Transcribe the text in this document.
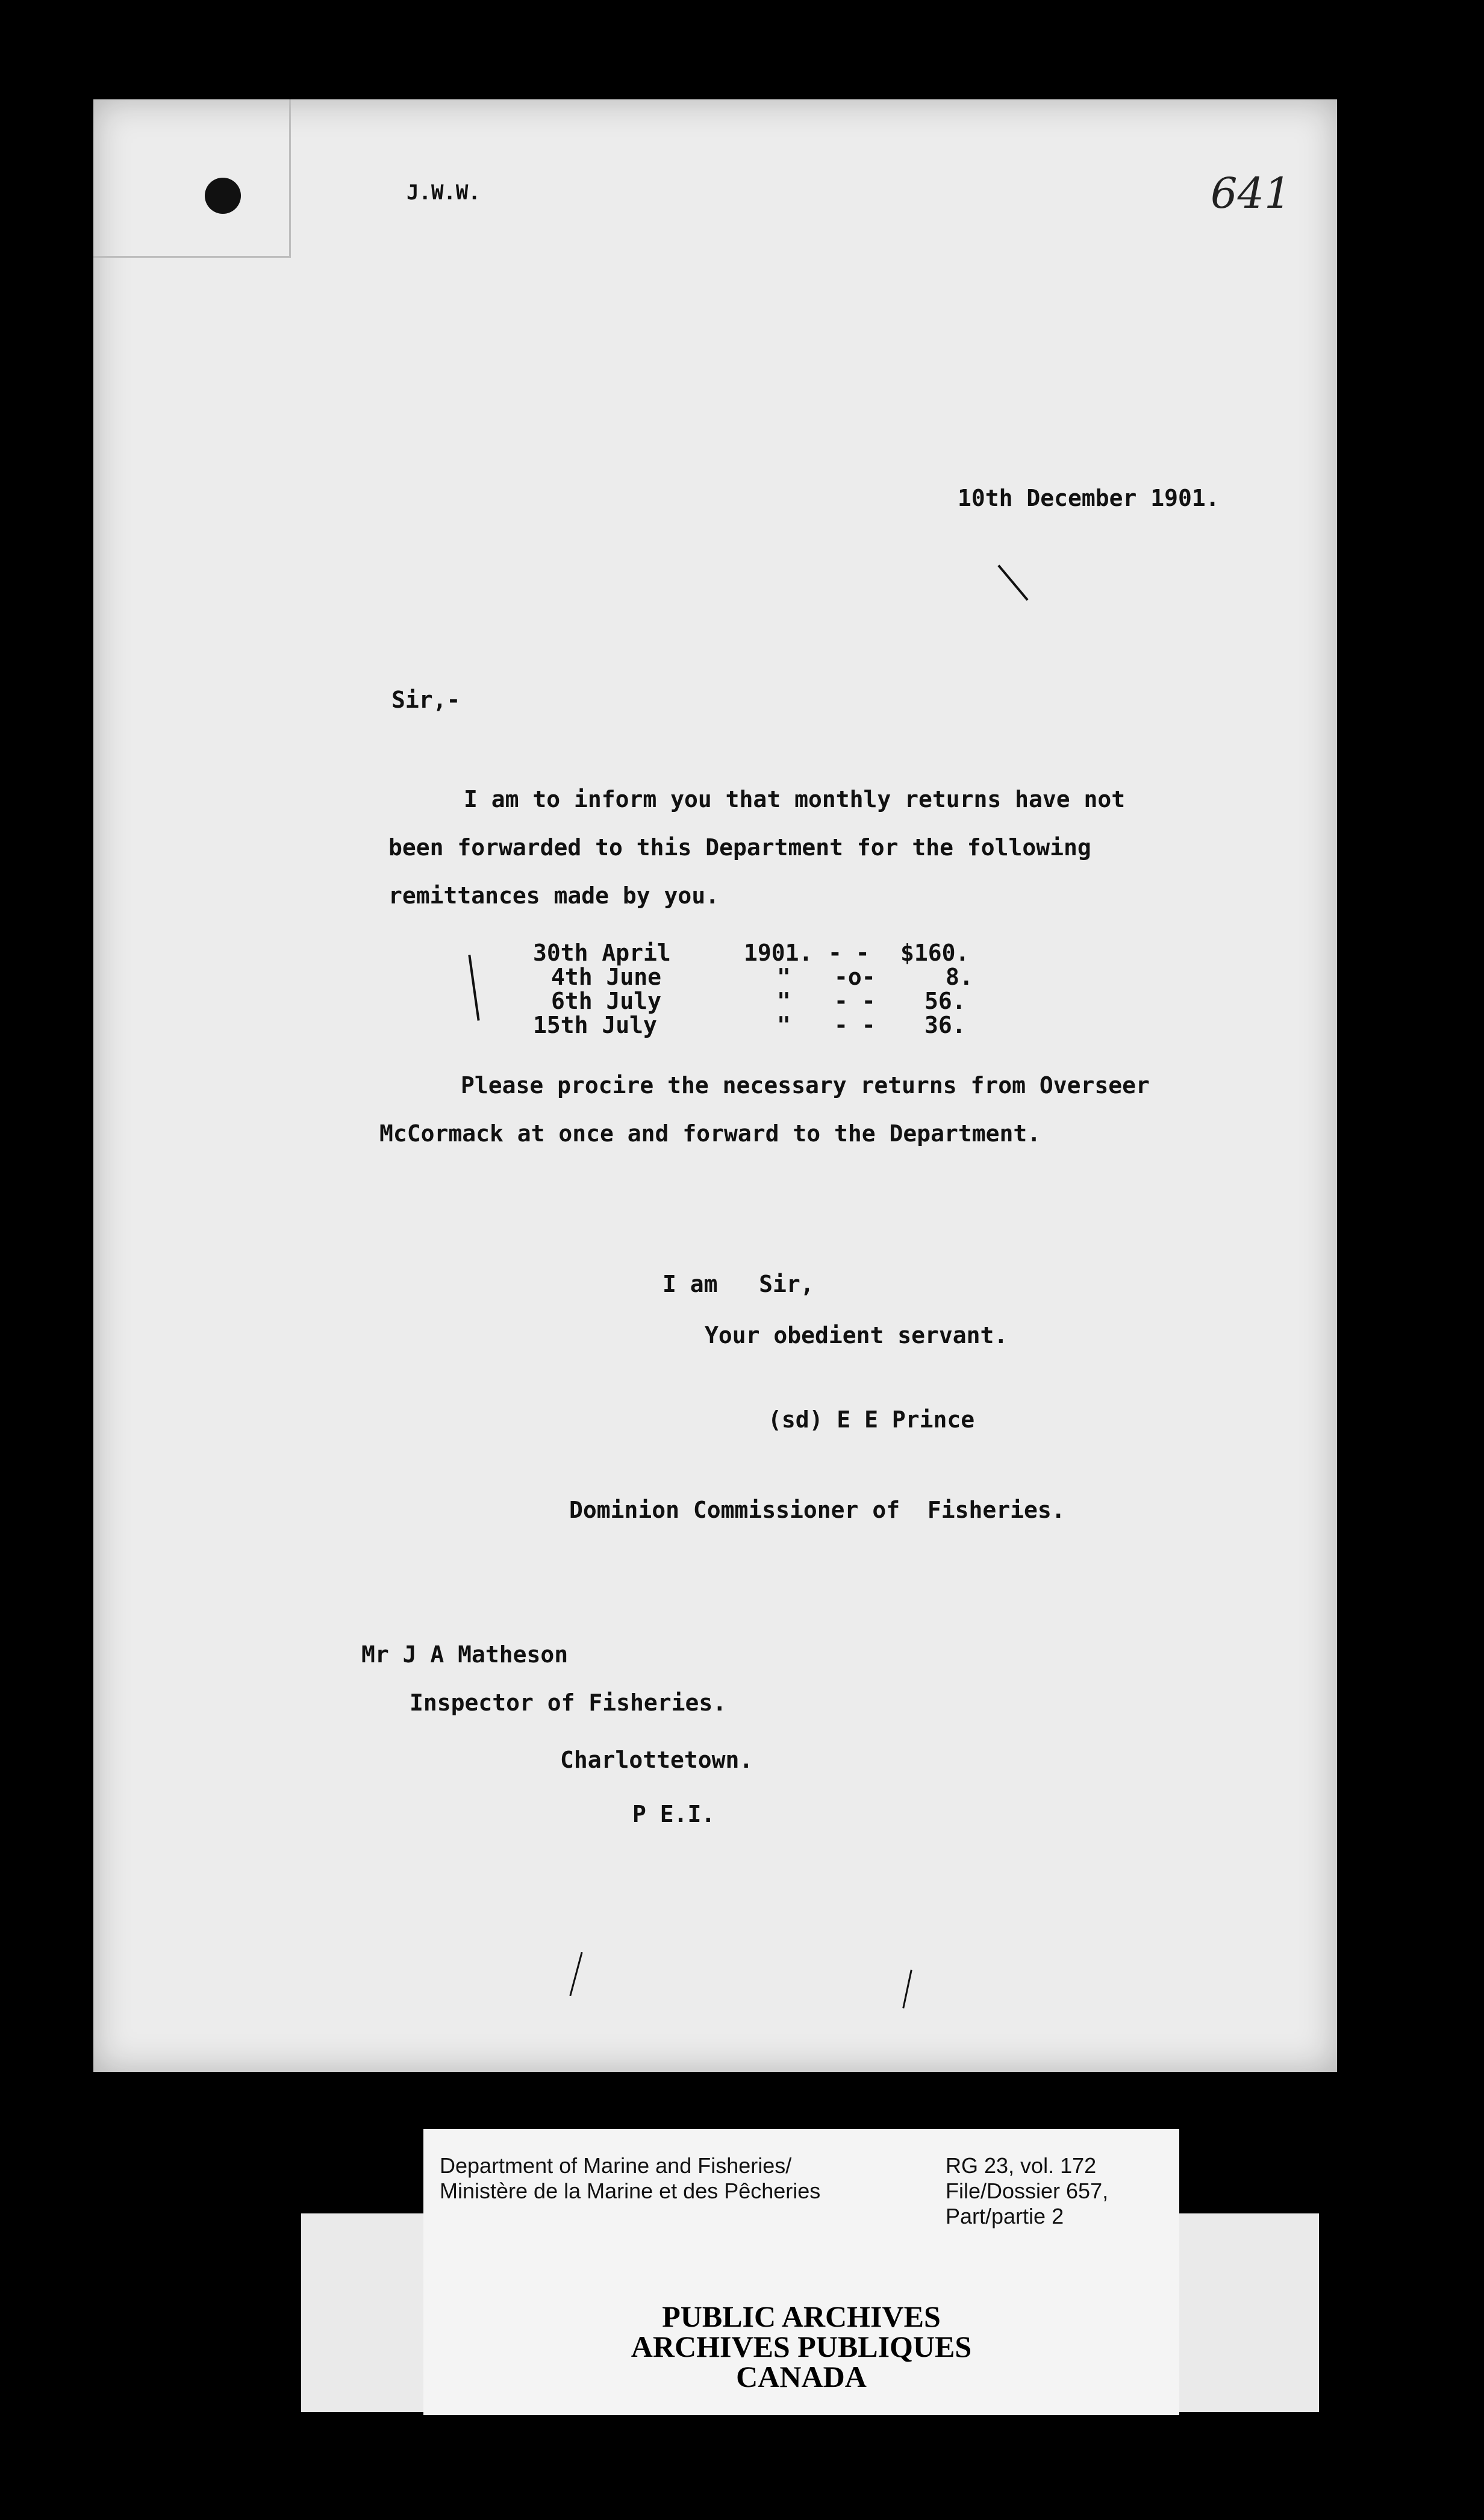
J.W.W.	641
10th December 1901.
Sir,-
I am to inform you that monthly returns have not
been forwarded to this Department for the following
remittances made by you.
30th April	1901. - - $160.
4th June	" -o-	8.
6th July	" - - 56.
15th July	" - - 36.
Please procire the necessary returns from Overseer
McCormack at once and forward to the Department.
I am   Sir,
Your obedient servant.
(sd) E E Prince
Dominion Commissioner of  Fisheries.
Mr J A Matheson
Inspector of Fisheries.
Charlottetown.
P E.I.
Department of Marine and Fisheries/
Ministère de la Marine et des Pêcheries
RG 23, vol. 172
File/Dossier 657,
Part/partie 2
PUBLIC ARCHIVES
ARCHIVES PUBLIQUES
CANADA
